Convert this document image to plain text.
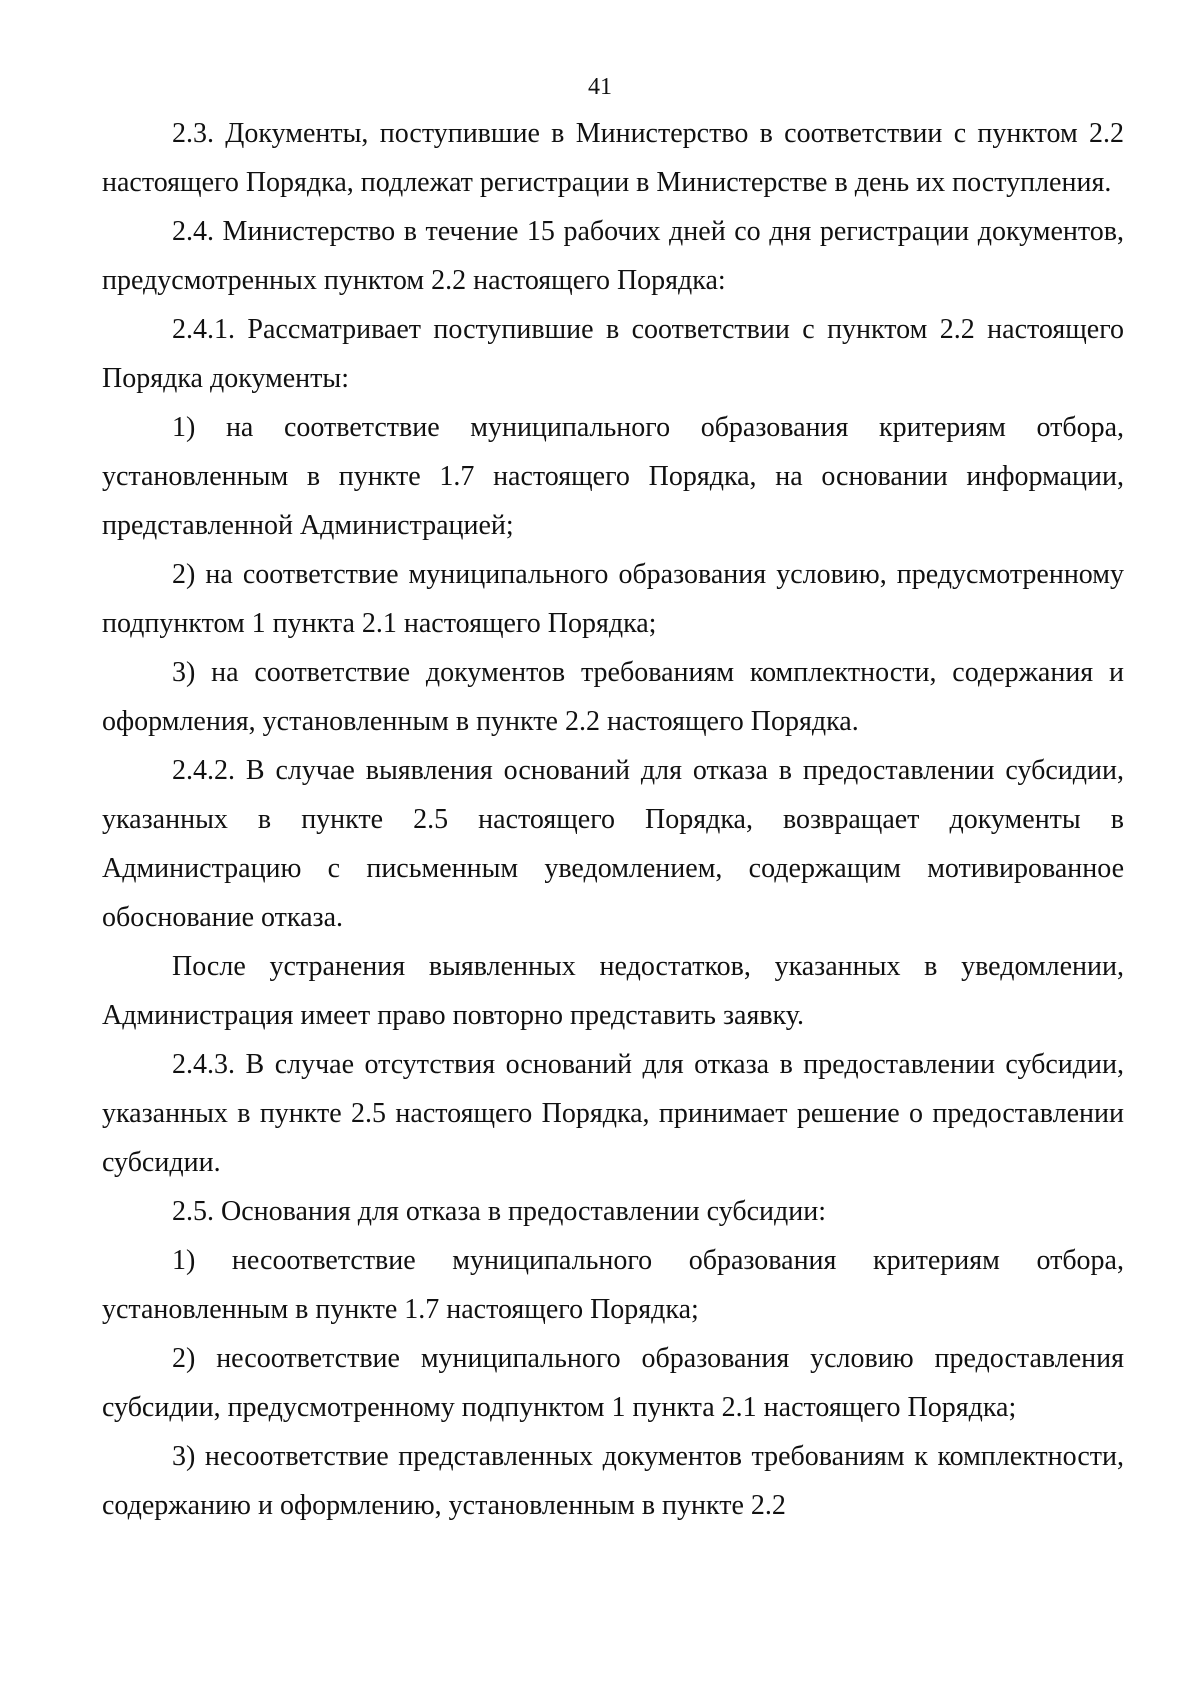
41

2.3. Документы, поступившие в Министерство в соответствии с пунктом 2.2 настоящего Порядка, подлежат регистрации в Министерстве в день их поступления.

2.4. Министерство в течение 15 рабочих дней со дня регистрации документов, предусмотренных пунктом 2.2 настоящего Порядка:

2.4.1. Рассматривает поступившие в соответствии с пунктом 2.2 настоящего Порядка документы:

1) на соответствие муниципального образования критериям отбора, установленным в пункте 1.7 настоящего Порядка, на основании информации, представленной Администрацией;

2) на соответствие муниципального образования условию, предусмотренному подпунктом 1 пункта 2.1 настоящего Порядка;

3) на соответствие документов требованиям комплектности, содержания и оформления, установленным в пункте 2.2 настоящего Порядка.

2.4.2. В случае выявления оснований для отказа в предоставлении субсидии, указанных в пункте 2.5 настоящего Порядка, возвращает документы в Администрацию с письменным уведомлением, содержащим мотивированное обоснование отказа.

После устранения выявленных недостатков, указанных в уведомлении, Администрация имеет право повторно представить заявку.

2.4.3. В случае отсутствия оснований для отказа в предоставлении субсидии, указанных в пункте 2.5 настоящего Порядка, принимает решение о предоставлении субсидии.

2.5. Основания для отказа в предоставлении субсидии:

1) несоответствие муниципального образования критериям отбора, установленным в пункте 1.7 настоящего Порядка;

2) несоответствие муниципального образования условию предоставления субсидии, предусмотренному подпунктом 1 пункта 2.1 настоящего Порядка;

3) несоответствие представленных документов требованиям к комплектности, содержанию и оформлению, установленным в пункте 2.2
